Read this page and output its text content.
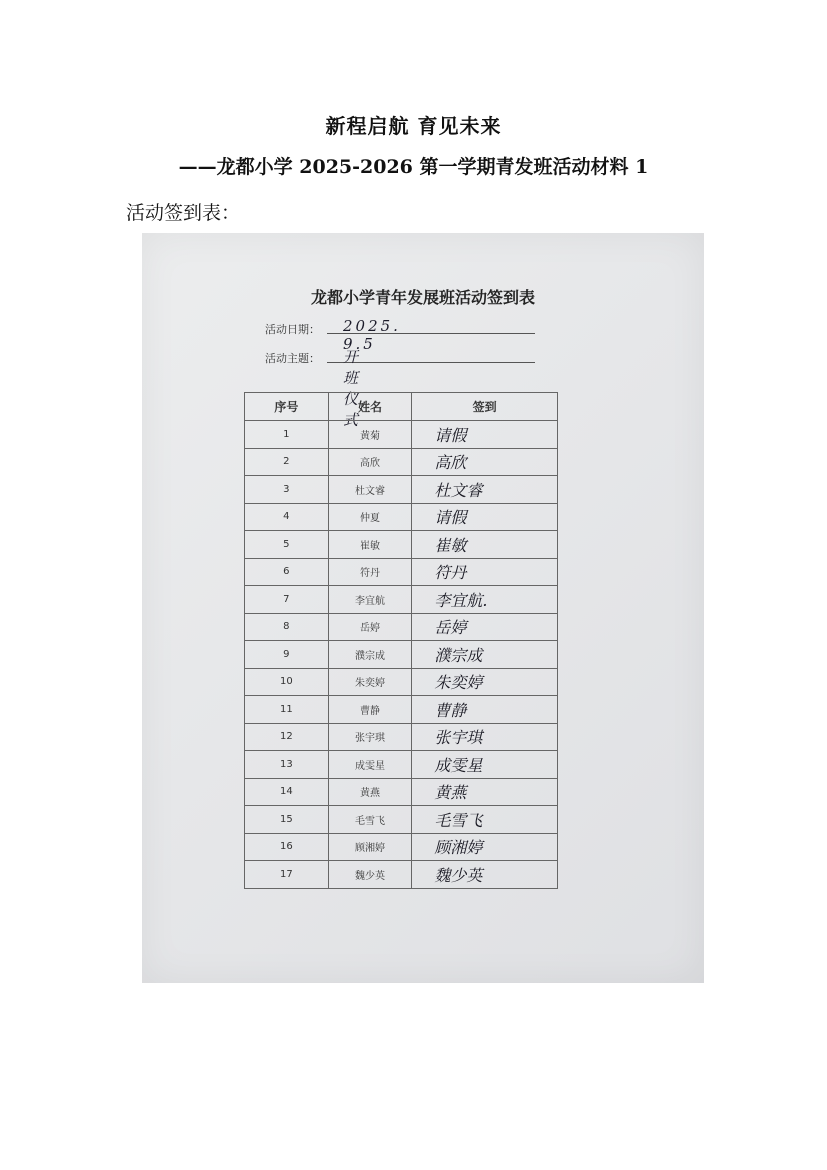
新程启航 育见未来
——龙都小学 2025-2026 第一学期青发班活动材料 1
活动签到表：
龙都小学青年发展班活动签到表
活动日期： 2025. 9.5
活动主题： 开班仪式
序号	姓名	签到
1	黄菊	请假
2	高欣	高欣
3	杜文睿	杜文睿
4	仲夏	请假
5	崔敏	崔敏
6	符丹	符丹
7	李宜航	李宜航.
8	岳婷	岳婷
9	濮宗成	濮宗成
10	朱奕婷	朱奕婷
11	曹静	曹静
12	张宇琪	张宇琪
13	成雯星	成雯星
14	黄燕	黄燕
15	毛雪飞	毛雪飞
16	顾湘婷	顾湘婷
17	魏少英	魏少英
